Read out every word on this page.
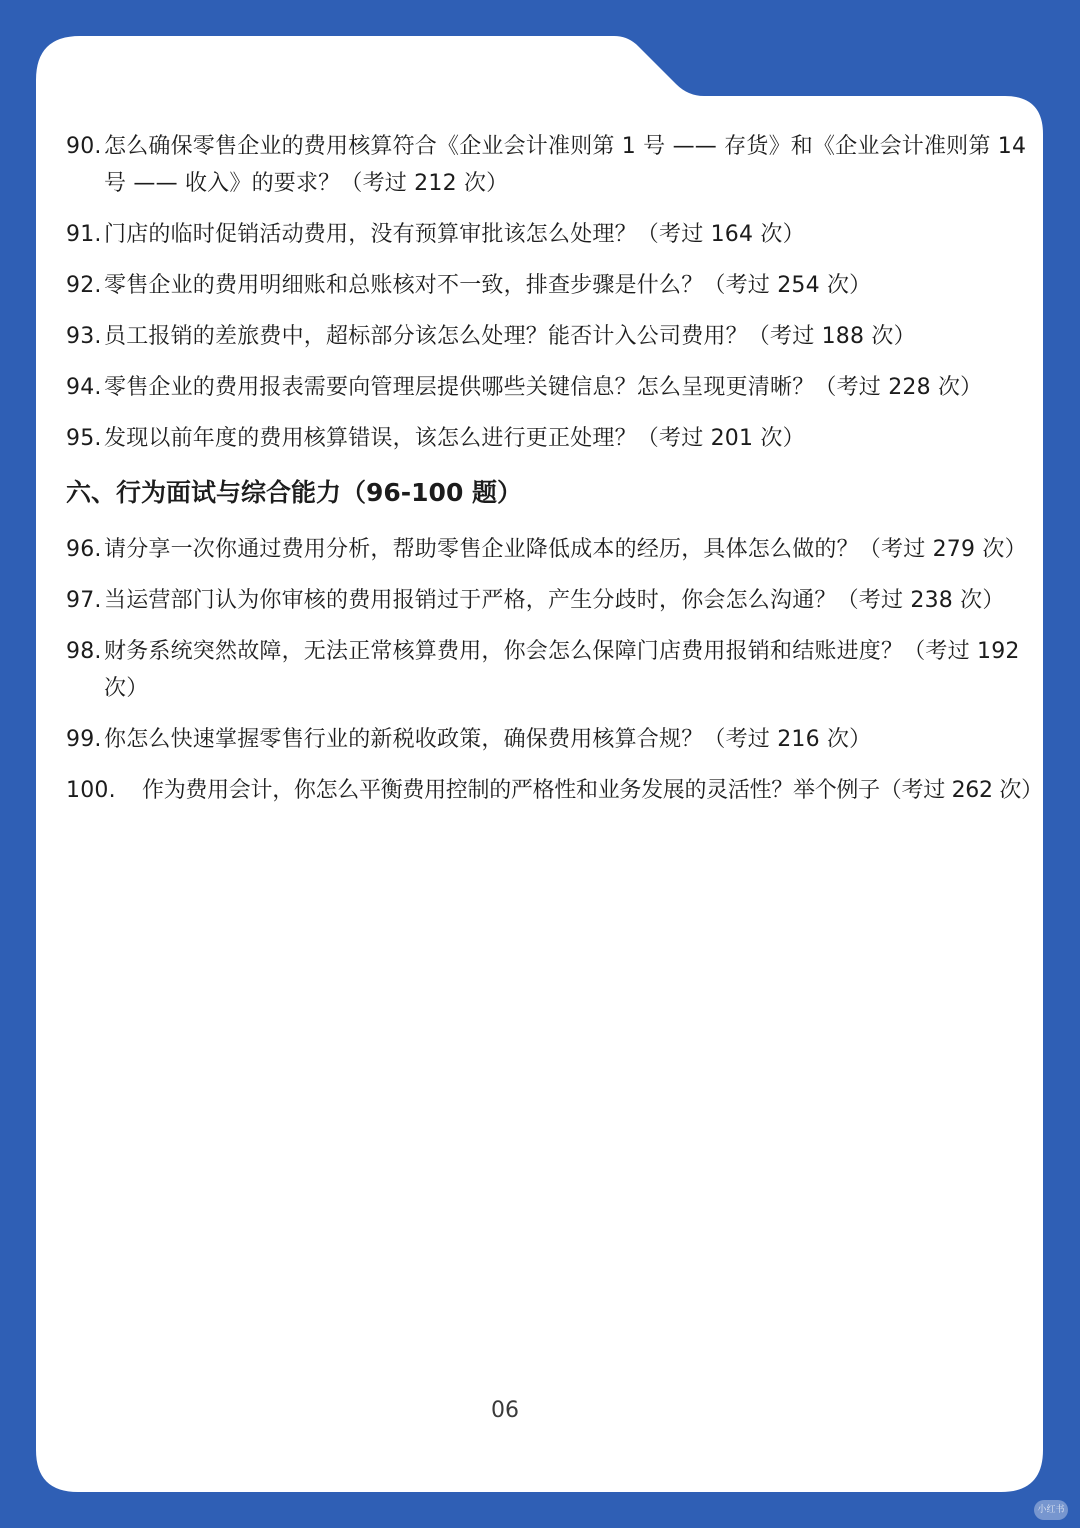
90. 怎么确保零售企业的费用核算符合《企业会计准则第 1 号 —— 存货》和《企业会计准则第 14 号 —— 收入》的要求？（考过 212 次）
91. 门店的临时促销活动费用，没有预算审批该怎么处理？（考过 164 次）
92. 零售企业的费用明细账和总账核对不一致，排查步骤是什么？（考过 254 次）
93. 员工报销的差旅费中，超标部分该怎么处理？能否计入公司费用？（考过 188 次）
94. 零售企业的费用报表需要向管理层提供哪些关键信息？怎么呈现更清晰？（考过 228 次）
95. 发现以前年度的费用核算错误，该怎么进行更正处理？（考过 201 次）
六、行为面试与综合能力（96-100 题）
96. 请分享一次你通过费用分析，帮助零售企业降低成本的经历，具体怎么做的？（考过 279 次）
97. 当运营部门认为你审核的费用报销过于严格，产生分歧时，你会怎么沟通？（考过 238 次）
98. 财务系统突然故障，无法正常核算费用，你会怎么保障门店费用报销和结账进度？（考过 192 次）
99. 你怎么快速掌握零售行业的新税收政策，确保费用核算合规？（考过 216 次）
100.	作为费用会计，你怎么平衡费用控制的严格性和业务发展的灵活性？举个例子（考过 262 次）
06
小红书
